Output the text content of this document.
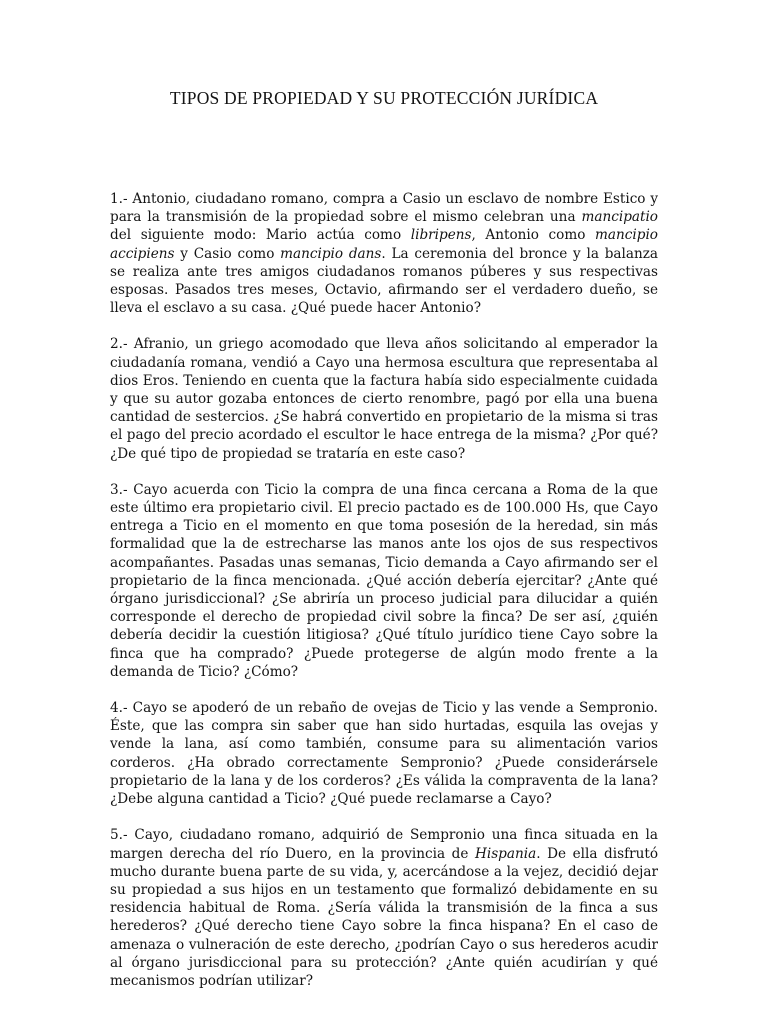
TIPOS DE PROPIEDAD Y SU PROTECCIÓN JURÍDICA

1.- Antonio, ciudadano romano, compra a Casio un esclavo de nombre Estico y para la transmisión de la propiedad sobre el mismo celebran una mancipatio del siguiente modo: Mario actúa como libripens, Antonio como mancipio accipiens y Casio como mancipio dans. La ceremonia del bronce y la balanza se realiza ante tres amigos ciudadanos romanos púberes y sus respectivas esposas. Pasados tres meses, Octavio, afirmando ser el verdadero dueño, se lleva el esclavo a su casa. ¿Qué puede hacer Antonio?

2.- Afranio, un griego acomodado que lleva años solicitando al emperador la ciudadanía romana, vendió a Cayo una hermosa escultura que representaba al dios Eros. Teniendo en cuenta que la factura había sido especialmente cuidada y que su autor gozaba entonces de cierto renombre, pagó por ella una buena cantidad de sestercios. ¿Se habrá convertido en propietario de la misma si tras el pago del precio acordado el escultor le hace entrega de la misma? ¿Por qué? ¿De qué tipo de propiedad se trataría en este caso?

3.- Cayo acuerda con Ticio la compra de una finca cercana a Roma de la que este último era propietario civil. El precio pactado es de 100.000 Hs, que Cayo entrega a Ticio en el momento en que toma posesión de la heredad, sin más formalidad que la de estrecharse las manos ante los ojos de sus respectivos acompañantes. Pasadas unas semanas, Ticio demanda a Cayo afirmando ser el propietario de la finca mencionada. ¿Qué acción debería ejercitar? ¿Ante qué órgano jurisdiccional? ¿Se abriría un proceso judicial para dilucidar a quién corresponde el derecho de propiedad civil sobre la finca? De ser así, ¿quién debería decidir la cuestión litigiosa? ¿Qué título jurídico tiene Cayo sobre la finca que ha comprado? ¿Puede protegerse de algún modo frente a la demanda de Ticio? ¿Cómo?

4.- Cayo se apoderó de un rebaño de ovejas de Ticio y las vende a Sempronio. Éste, que las compra sin saber que han sido hurtadas, esquila las ovejas y vende la lana, así como también, consume para su alimentación varios corderos. ¿Ha obrado correctamente Sempronio? ¿Puede considerársele propietario de la lana y de los corderos? ¿Es válida la compraventa de la lana? ¿Debe alguna cantidad a Ticio? ¿Qué puede reclamarse a Cayo?

5.- Cayo, ciudadano romano, adquirió de Sempronio una finca situada en la margen derecha del río Duero, en la provincia de Hispania. De ella disfrutó mucho durante buena parte de su vida, y, acercándose a la vejez, decidió dejar su propiedad a sus hijos en un testamento que formalizó debidamente en su residencia habitual de Roma. ¿Sería válida la transmisión de la finca a sus herederos? ¿Qué derecho tiene Cayo sobre la finca hispana? En el caso de amenaza o vulneración de este derecho, ¿podrían Cayo o sus herederos acudir al órgano jurisdiccional para su protección? ¿Ante quién acudirían y qué mecanismos podrían utilizar?
